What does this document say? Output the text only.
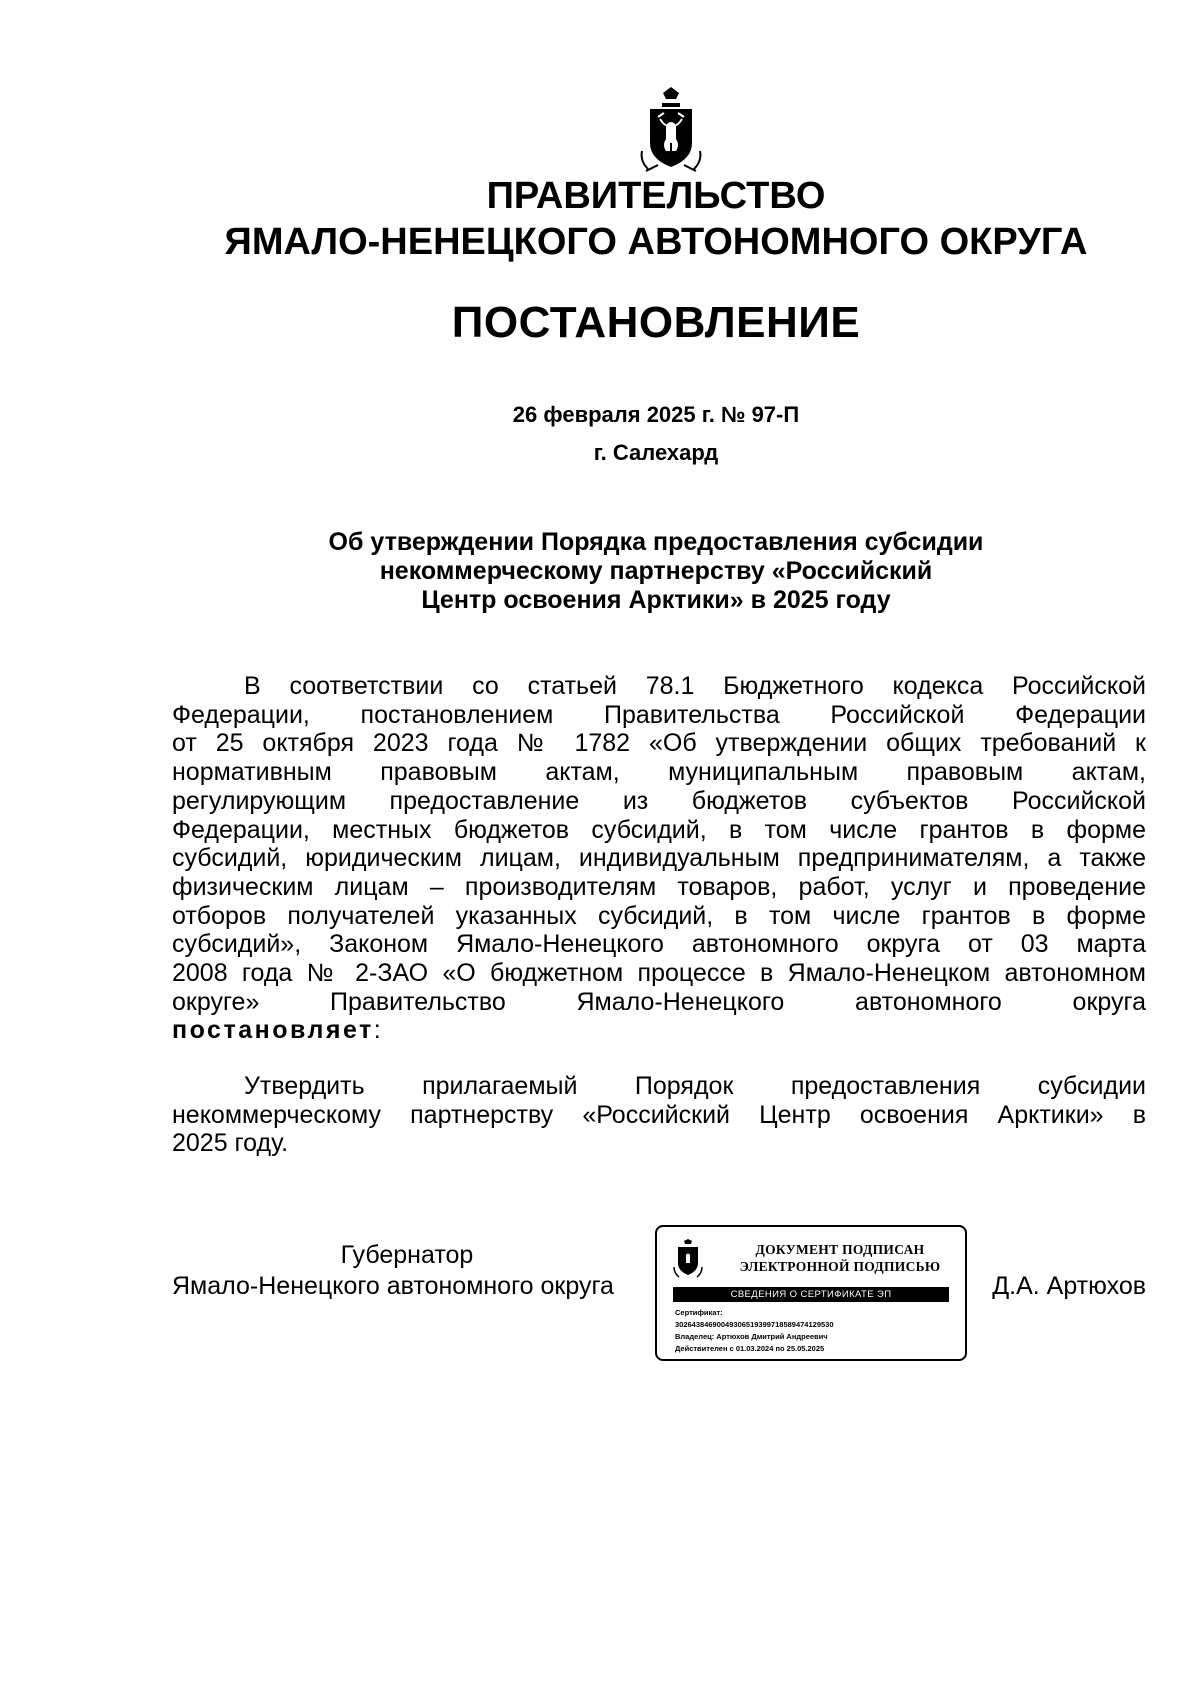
ПРАВИТЕЛЬСТВО
ЯМАЛО-НЕНЕЦКОГО АВТОНОМНОГО ОКРУГА
ПОСТАНОВЛЕНИЕ
26 февраля 2025 г. № 97-П
г. Салехард
Об утверждении Порядка предоставления субсидии
некоммерческому партнерству «Российский
Центр освоения Арктики» в 2025 году
В соответствии со статьей 78.1 Бюджетного кодекса Российской
Федерации, постановлением Правительства Российской Федерации
от 25 октября 2023 года № 1782 «Об утверждении общих требований к
нормативным правовым актам, муниципальным правовым актам,
регулирующим предоставление из бюджетов субъектов Российской
Федерации, местных бюджетов субсидий, в том числе грантов в форме
субсидий, юридическим лицам, индивидуальным предпринимателям, а также
физическим лицам – производителям товаров, работ, услуг и проведение
отборов получателей указанных субсидий, в том числе грантов в форме
субсидий», Законом Ямало-Ненецкого автономного округа от 03 марта
2008 года № 2-ЗАО «О бюджетном процессе в Ямало-Ненецком автономном
округе» Правительство Ямало-Ненецкого автономного округа
постановляет:
Утвердить прилагаемый Порядок предоставления субсидии
некоммерческому партнерству «Российский Центр освоения Арктики» в
2025 году.
Губернатор
Ямало-Ненецкого автономного округа
ДОКУМЕНТ ПОДПИСАН
ЭЛЕКТРОННОЙ ПОДПИСЬЮ
СВЕДЕНИЯ О СЕРТИФИКАТЕ ЭП
Сертификат:
30264384690049306519399718589474129530
Владелец: Артюхов Дмитрий Андреевич
Действителен с 01.03.2024 по 25.05.2025
Д.А. Артюхов
